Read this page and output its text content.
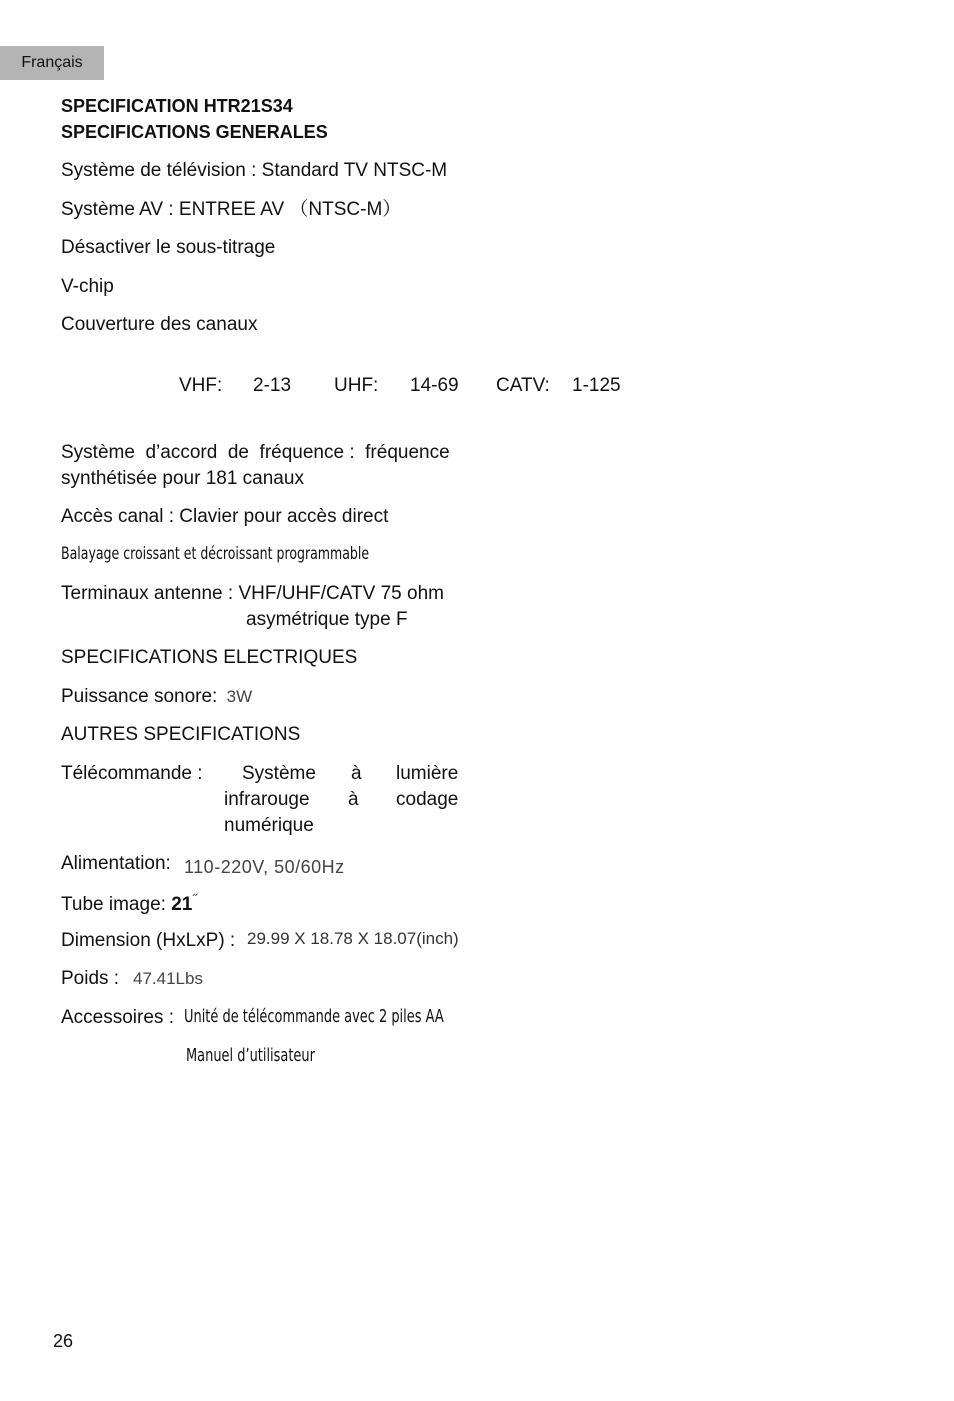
Français
SPECIFICATION HTR21S34
SPECIFICATIONS GENERALES
Système de télévision : Standard TV NTSC-M
Système AV : ENTREE AV （NTSC-M）
Désactiver le sous-titrage
V-chip
Couverture des canaux
VHF: 2-13 UHF: 14-69 CATV: 1-125
Système  d’accord  de  fréquence :  fréquence
synthétisée pour 181 canaux
Accès canal : Clavier pour accès direct
Balayage croissant et décroissant programmable
Terminaux antenne : VHF/UHF/CATV 75 ohm
asymétrique type F
SPECIFICATIONS ELECTRIQUES
Puissance sonore: 3W
AUTRES SPECIFICATIONS
Télécommande : Système à lumière
infrarouge à codage
numérique
Alimentation: 110-220V, 50/60Hz
Tube image: 21˝
Dimension (HxLxP) : 29.99 X 18.78 X 18.07(inch)
Poids : 47.41Lbs
Accessoires : Unité de télécommande avec 2 piles AA
Manuel d’utilisateur
26
